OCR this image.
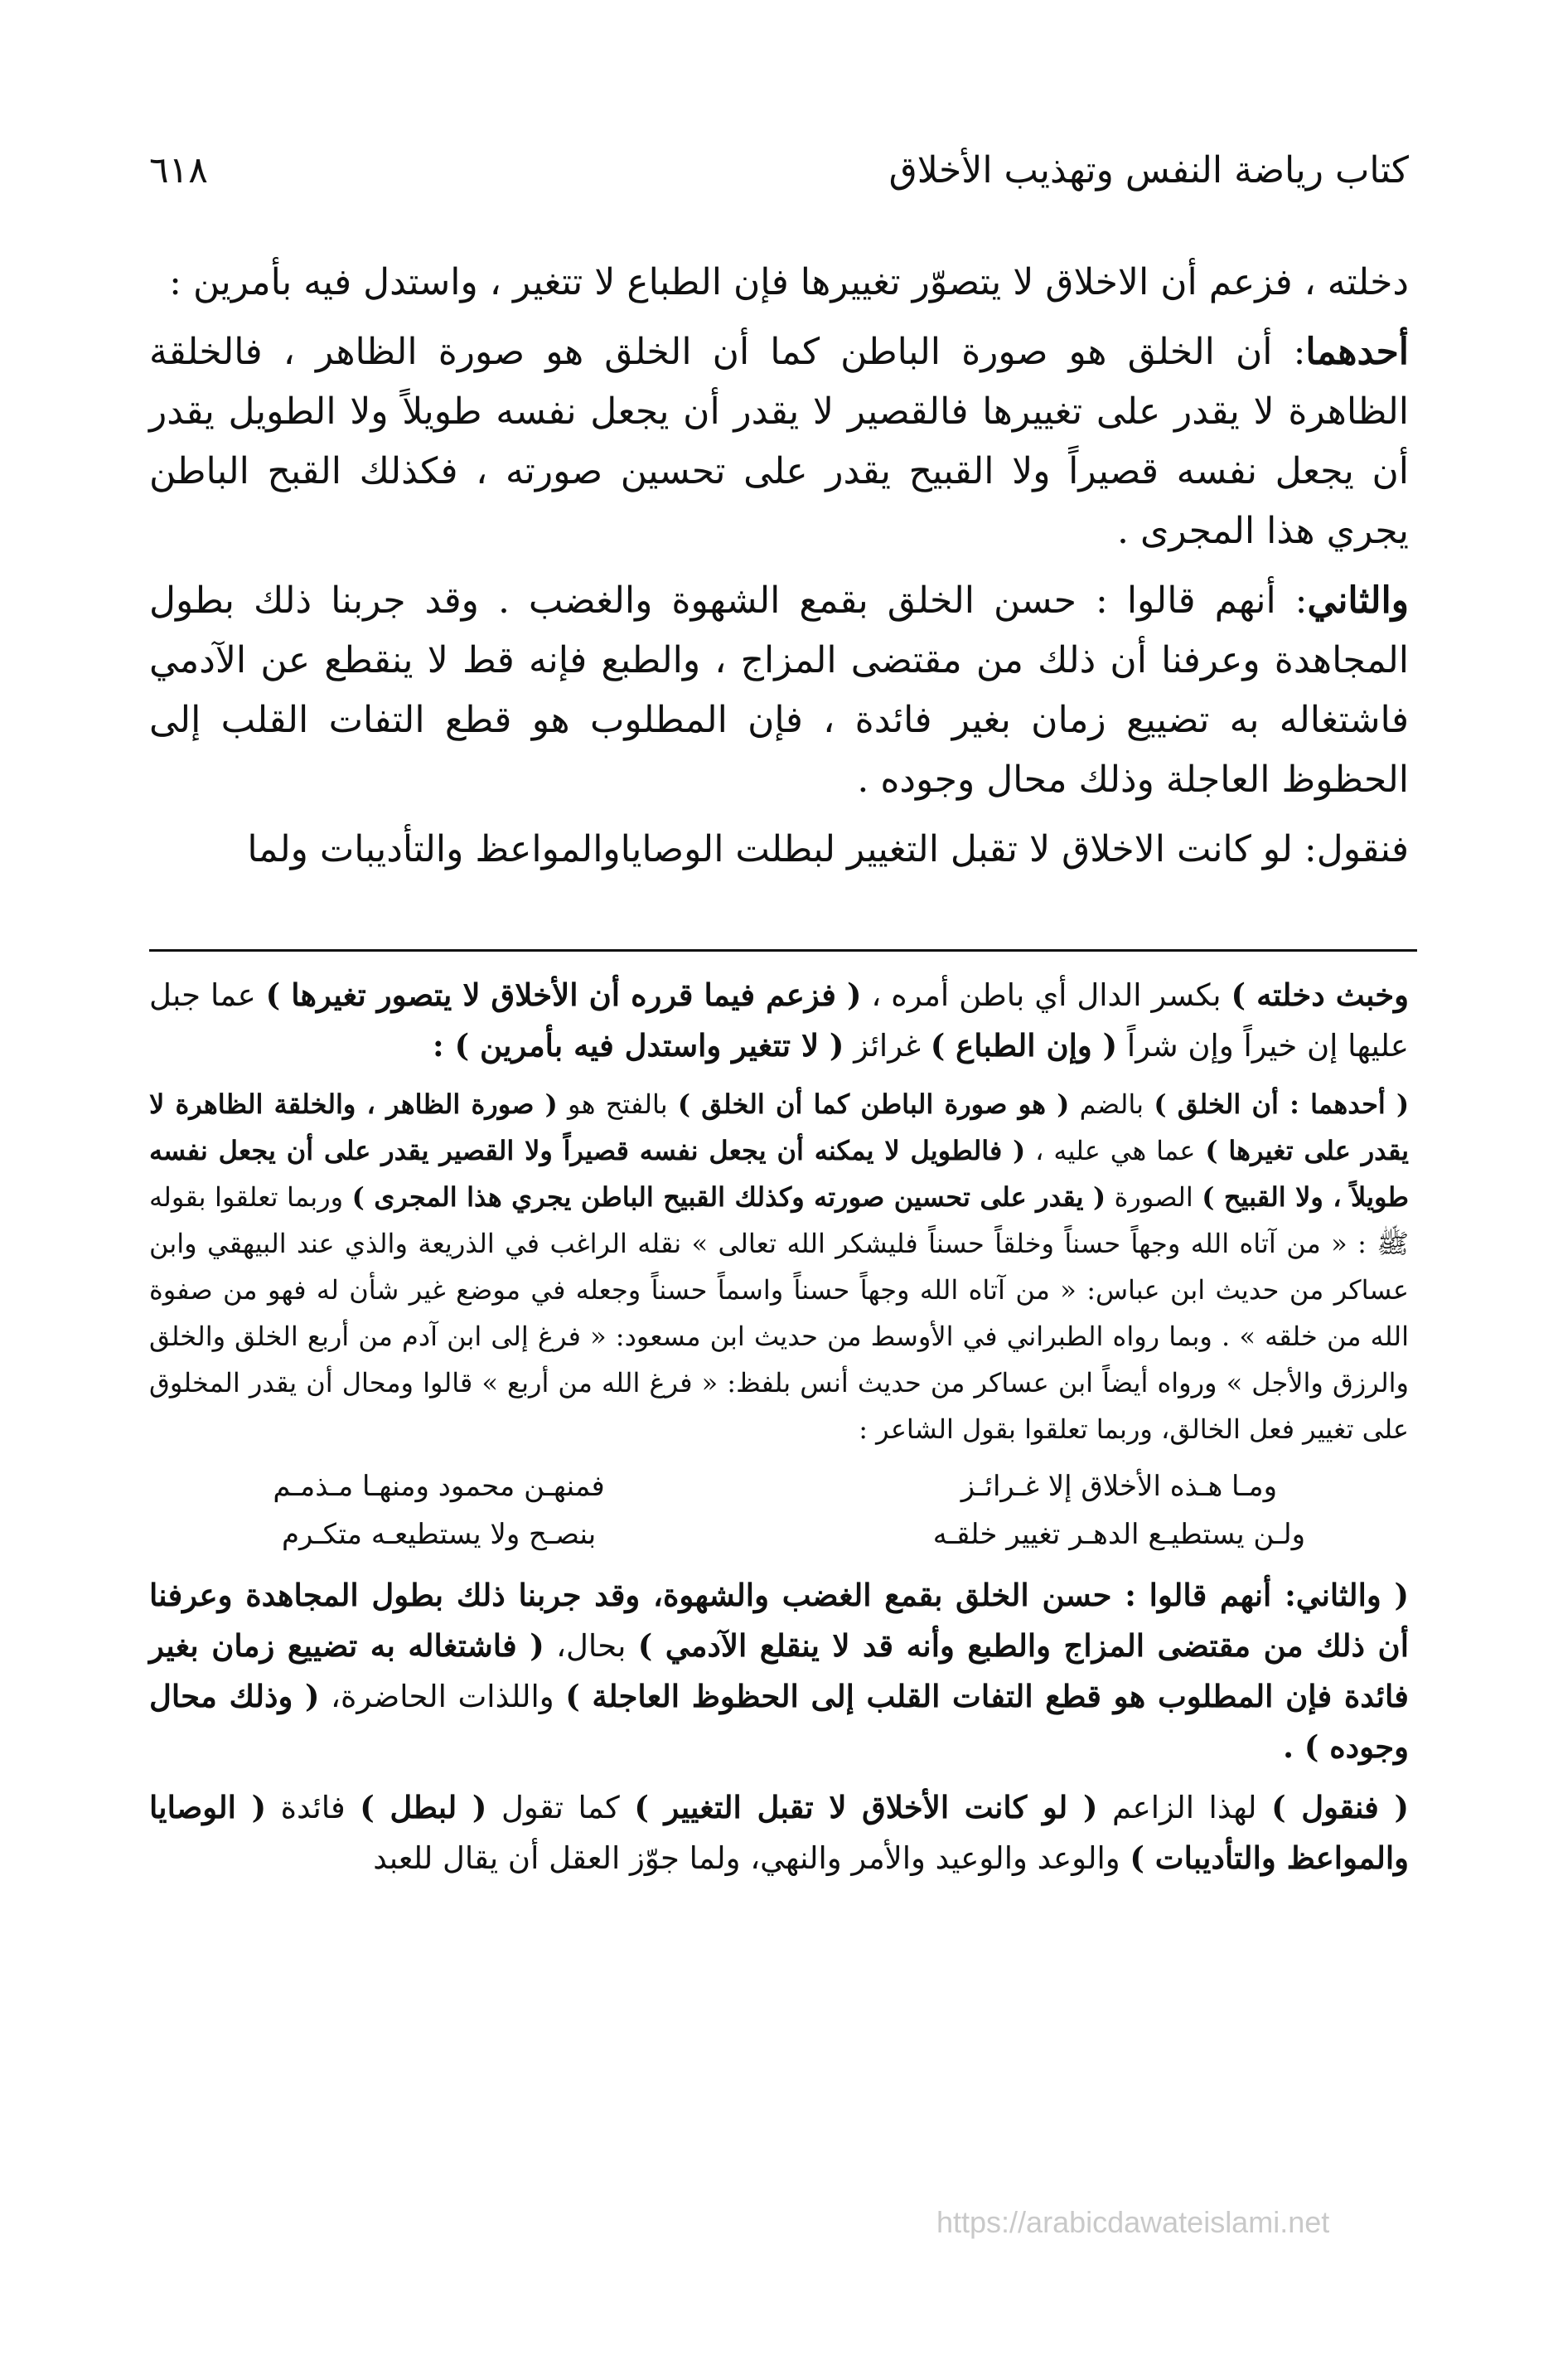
كتاب رياضة النفس وتهذيب الأخلاق
٦١٨

دخلته ، فزعم أن الاخلاق لا يتصوّر تغييرها فإن الطباع لا تتغير ، واستدل فيه بأمرين :

أحدهما: أن الخلق هو صورة الباطن كما أن الخلق هو صورة الظاهر ، فالخلقة الظاهرة لا يقدر على تغييرها فالقصير لا يقدر أن يجعل نفسه طويلاً ولا الطويل يقدر أن يجعل نفسه قصيراً ولا القبيح يقدر على تحسين صورته ، فكذلك القبح الباطن يجري هذا المجرى .

والثاني: أنهم قالوا : حسن الخلق بقمع الشهوة والغضب . وقد جربنا ذلك بطول المجاهدة وعرفنا أن ذلك من مقتضى المزاج ، والطبع فإنه قط لا ينقطع عن الآدمي فاشتغاله به تضييع زمان بغير فائدة ، فإن المطلوب هو قطع التفات القلب إلى الحظوظ العاجلة وذلك محال وجوده .

فنقول: لو كانت الاخلاق لا تقبل التغيير لبطلت الوصاياوالمواعظ والتأديبات ولما

وخبث دخلته ) بكسر الدال أي باطن أمره ، ( فزعم فيما قرره أن الأخلاق لا يتصور تغيرها ) عما جبل عليها إن خيراً وإن شراً ( وإن الطباع ) غرائز ( لا تتغير واستدل فيه بأمرين ) :

( أحدهما : أن الخلق ) بالضم ( هو صورة الباطن كما أن الخلق ) بالفتح هو ( صورة الظاهر ، والخلقة الظاهرة لا يقدر على تغيرها ) عما هي عليه ، ( فالطويل لا يمكنه أن يجعل نفسه قصيراً ولا القصير يقدر على أن يجعل نفسه طويلاً ، ولا القبيح ) الصورة ( يقدر على تحسين صورته وكذلك القبيح الباطن يجري هذا المجرى ) وربما تعلقوا بقوله ﷺ : « من آتاه الله وجهاً حسناً وخلقاً حسناً فليشكر الله تعالى » نقله الراغب في الذريعة والذي عند البيهقي وابن عساكر من حديث ابن عباس: « من آتاه الله وجهاً حسناً واسماً حسناً وجعله في موضع غير شأن له فهو من صفوة الله من خلقه » . وبما رواه الطبراني في الأوسط من حديث ابن مسعود: « فرغ إلى ابن آدم من أربع الخلق والخلق والرزق والأجل » ورواه أيضاً ابن عساكر من حديث أنس بلفظ: « فرغ الله من أربع » قالوا ومحال أن يقدر المخلوق على تغيير فعل الخالق، وربما تعلقوا بقول الشاعر :

ومـا هـذه الأخلاق إلا غـرائـز
فمنهـن محمود ومنهـا مـذمـم
ولـن يستطيـع الدهـر تغيير خلقـه
بنصـح ولا يستطيعـه متكـرم

( والثاني: أنهم قالوا : حسن الخلق بقمع الغضب والشهوة، وقد جربنا ذلك بطول المجاهدة وعرفنا أن ذلك من مقتضى المزاج والطبع وأنه قد لا ينقلع الآدمي ) بحال، ( فاشتغاله به تضييع زمان بغير فائدة فإن المطلوب هو قطع التفات القلب إلى الحظوظ العاجلة ) واللذات الحاضرة، ( وذلك محال وجوده ) .

( فنقول ) لهذا الزاعم ( لو كانت الأخلاق لا تقبل التغيير ) كما تقول ( لبطل ) فائدة ( الوصايا والمواعظ والتأديبات ) والوعد والوعيد والأمر والنهي، ولما جوّز العقل أن يقال للعبد

https://arabicdawateislami.net
